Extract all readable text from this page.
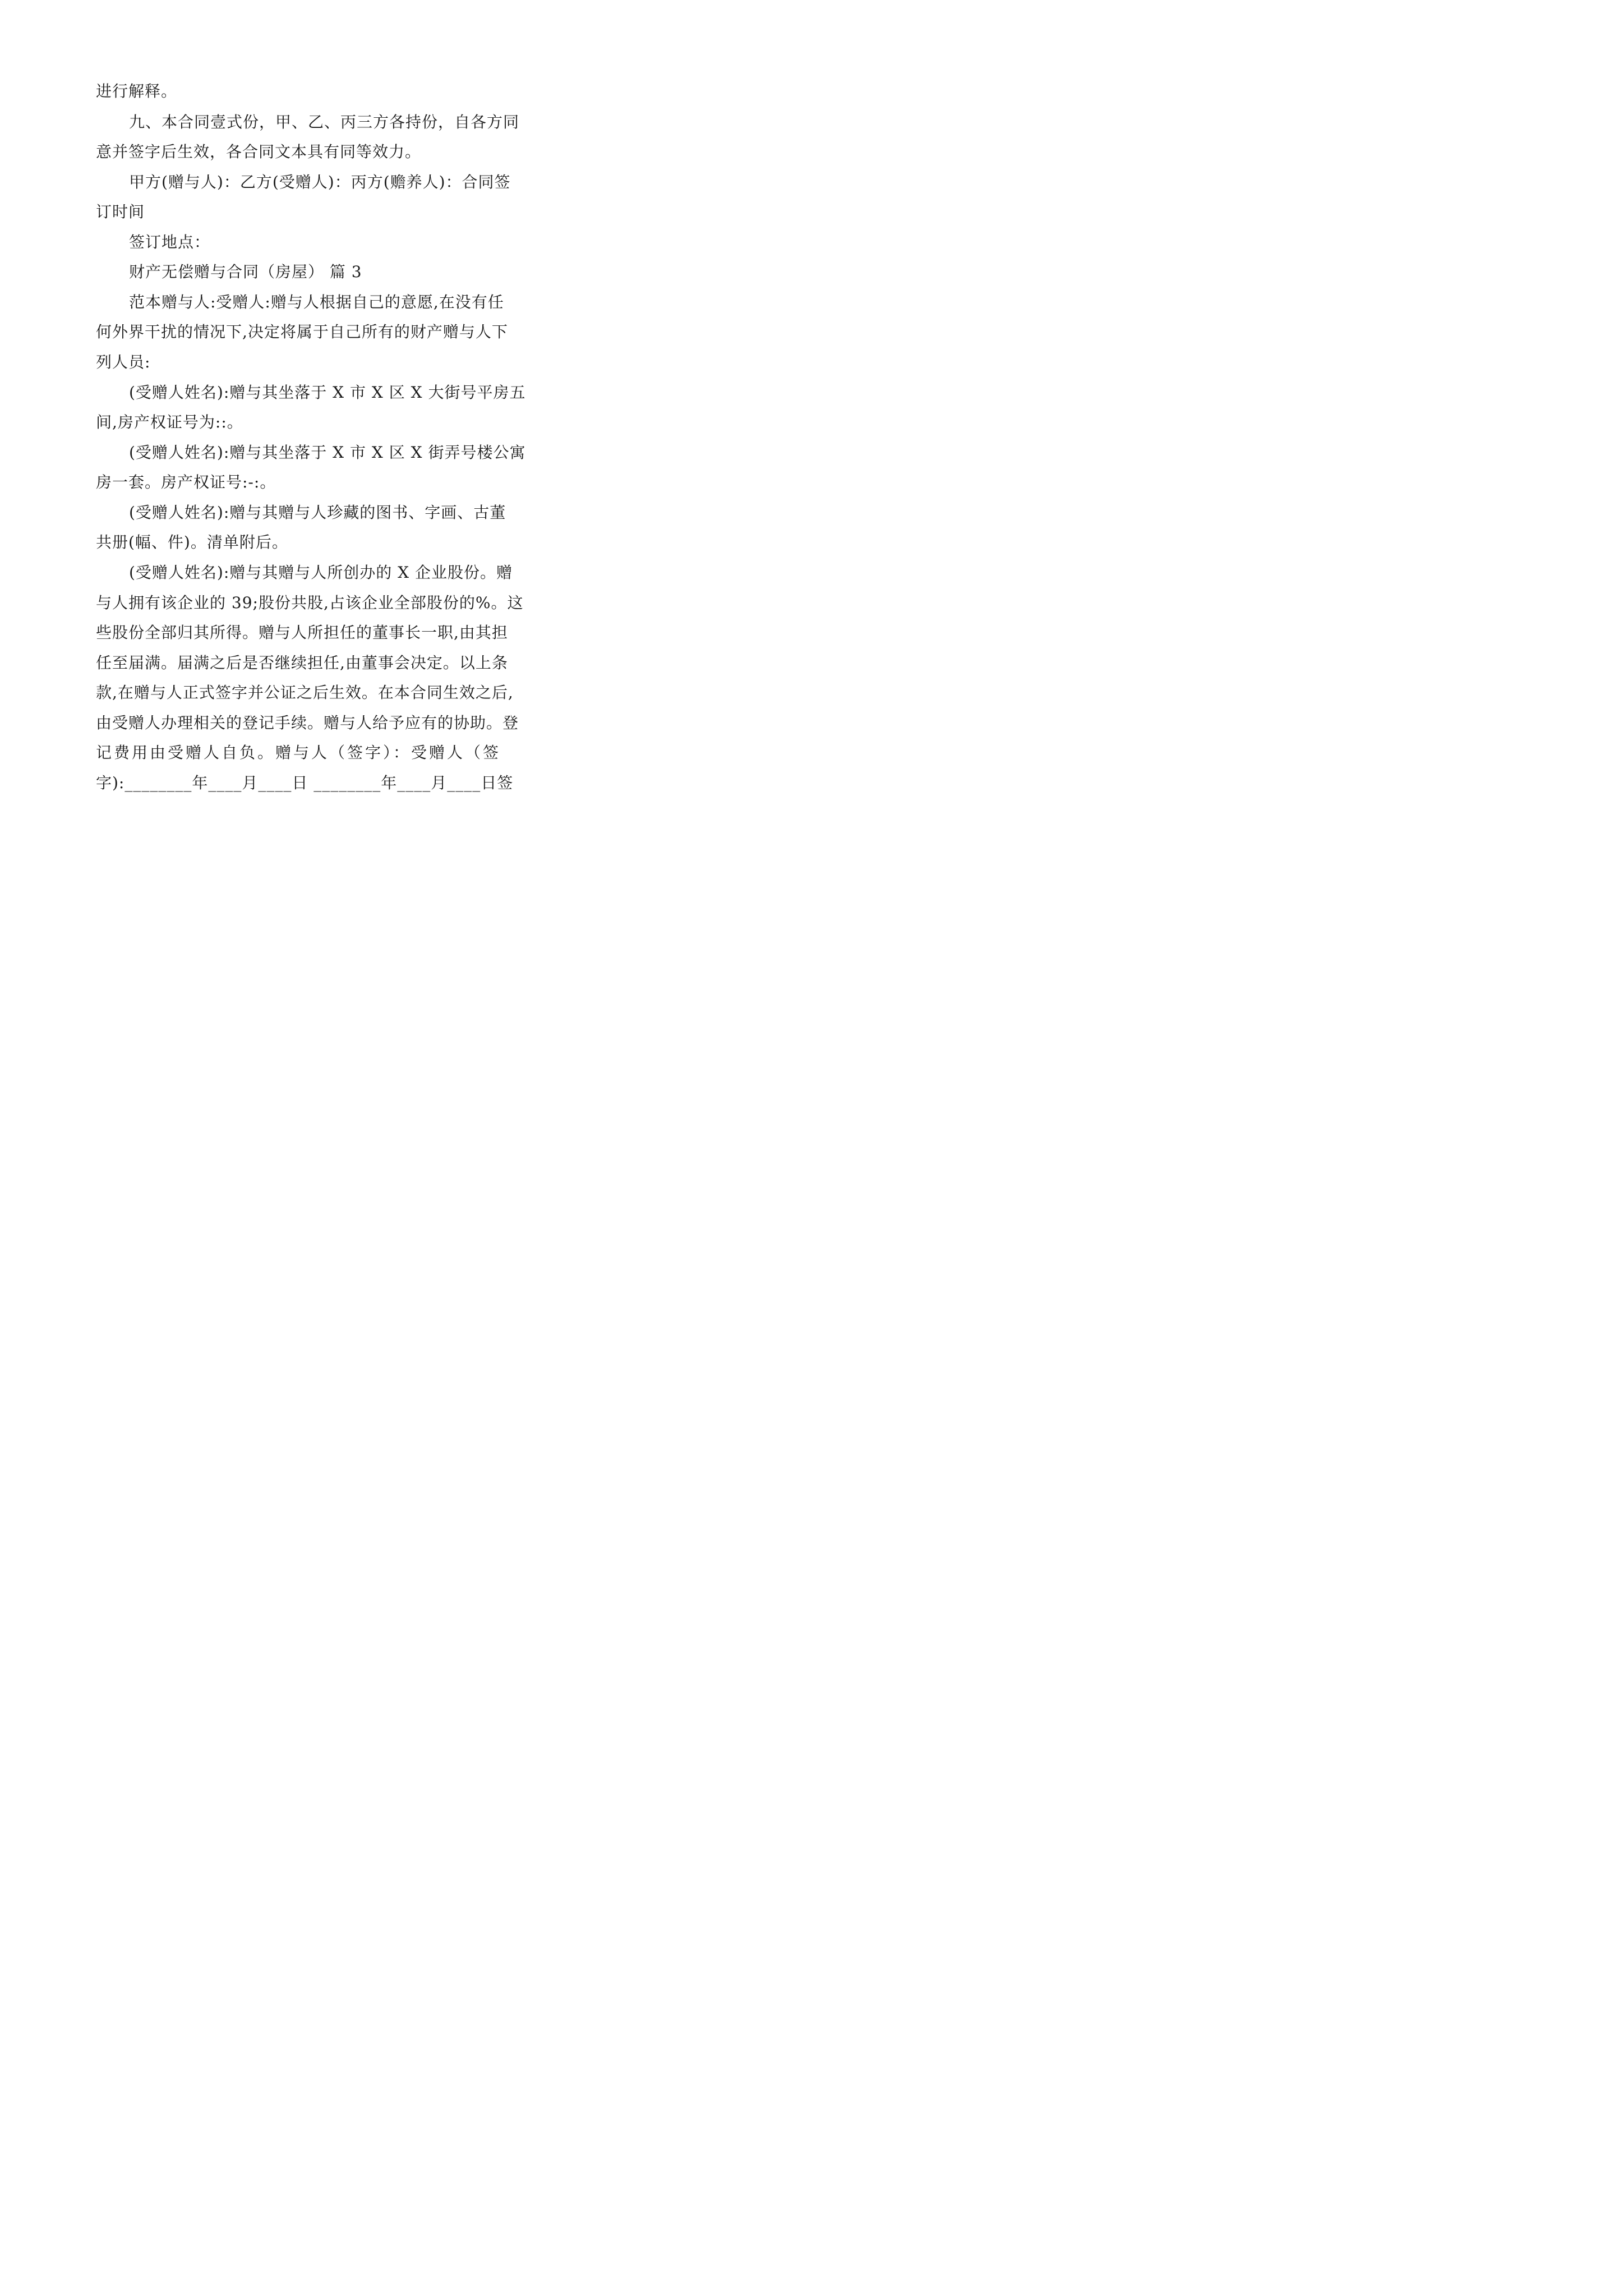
进行解释。
九、本合同壹式份，甲、乙、丙三方各持份，自各方同
意并签字后生效，各合同文本具有同等效力。
甲方(赠与人)：乙方(受赠人)：丙方(赡养人)：合同签
订时间
签订地点：
财产无偿赠与合同（房屋） 篇 3
范本赠与人:受赠人:赠与人根据自己的意愿,在没有任
何外界干扰的情况下,决定将属于自己所有的财产赠与人下
列人员:
(受赠人姓名):赠与其坐落于 X 市 X 区 X 大街号平房五
间,房产权证号为::。
(受赠人姓名):赠与其坐落于 X 市 X 区 X 街弄号楼公寓
房一套。房产权证号:-:。
(受赠人姓名):赠与其赠与人珍藏的图书、字画、古董
共册(幅、件)。清单附后。
(受赠人姓名):赠与其赠与人所创办的 X 企业股份。赠
与人拥有该企业的 39;股份共股,占该企业全部股份的%。这
些股份全部归其所得。赠与人所担任的董事长一职,由其担
任至届满。届满之后是否继续担任,由董事会决定。以上条
款,在赠与人正式签字并公证之后生效。在本合同生效之后,
由受赠人办理相关的登记手续。赠与人给予应有的协助。登
记费用由受赠人自负。赠与人（签字）：受赠人（签
字):________年____月____日 ________年____月____日签
